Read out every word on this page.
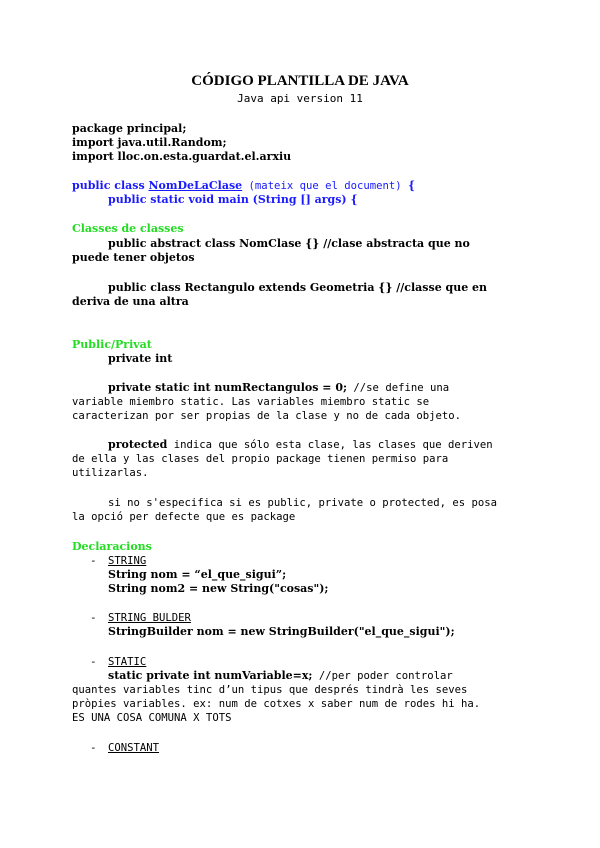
CÓDIGO PLANTILLA DE JAVA
Java api version 11
package principal;
import java.util.Random;
import lloc.on.esta.guardat.el.arxiu
public class NomDeLaClase (mateix que el document) {
public static void main (String [] args) {
Classes de classes
public abstract class NomClase {} //clase abstracta que no
puede tener objetos
public class Rectangulo extends Geometria {} //classe que en
deriva de una altra
Public/Privat
private int
private static int numRectangulos = 0; //se define una
variable miembro static. Las variables miembro static se
caracterizan por ser propias de la clase y no de cada objeto.
protected indica que sólo esta clase, las clases que deriven
de ella y las clases del propio package tienen permiso para
utilizarlas.
si no s'especifica si es public, private o protected, es posa
la opció per defecte que es package
Declaracions
- STRING
String nom = “el_que_sigui”;
String nom2 = new String("cosas");
- STRING BULDER
StringBuilder nom = new StringBuilder("el_que_sigui");
- STATIC
static private int numVariable=x; //per poder controlar
quantes variables tinc d’un tipus que després tindrà les seves
pròpies variables. ex: num de cotxes x saber num de rodes hi ha.
ES UNA COSA COMUNA X TOTS
- CONSTANT
